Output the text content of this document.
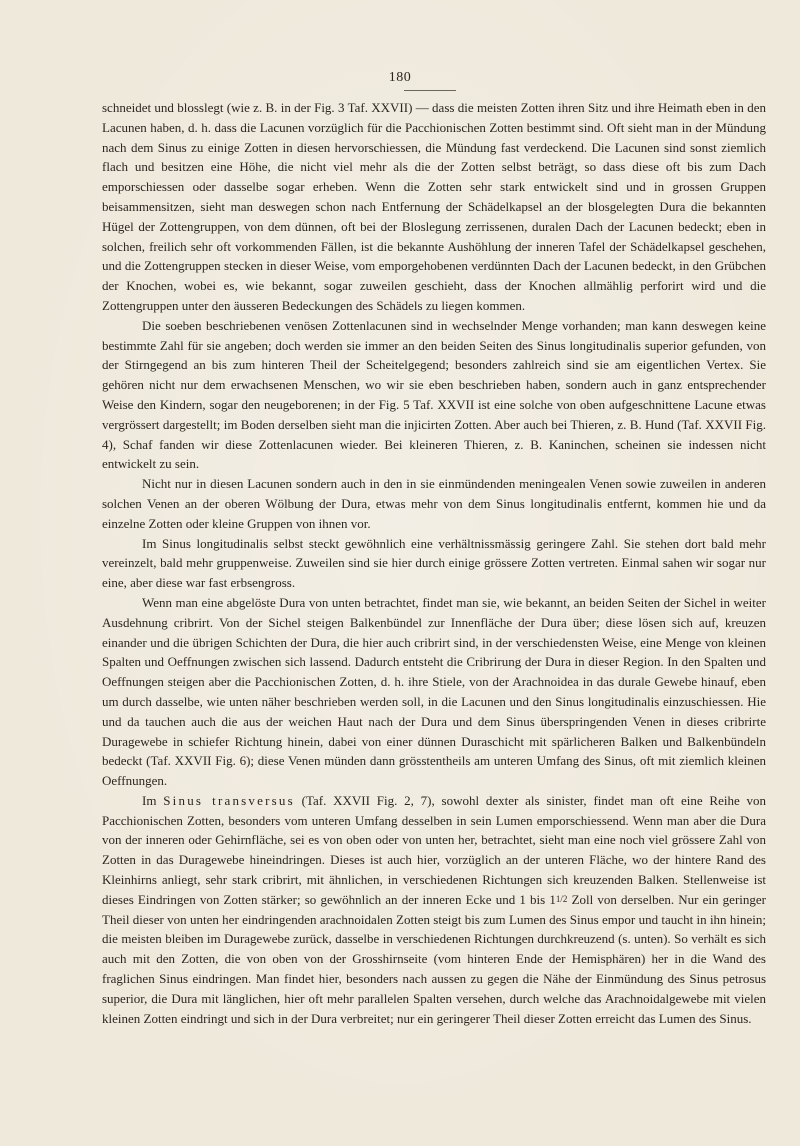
180

schneidet und blosslegt (wie z. B. in der Fig. 3 Taf. XXVII) — dass die meisten Zotten ihren Sitz und ihre Heimath eben in den Lacunen haben, d. h. dass die Lacunen vorzüglich für die Pacchionischen Zotten bestimmt sind. Oft sieht man in der Mündung nach dem Sinus zu einige Zotten in diesen hervorschiessen, die Mündung fast verdeckend. Die Lacunen sind sonst ziemlich flach und besitzen eine Höhe, die nicht viel mehr als die der Zotten selbst beträgt, so dass diese oft bis zum Dach emporschiessen oder dasselbe sogar erheben. Wenn die Zotten sehr stark entwickelt sind und in grossen Gruppen beisammensitzen, sieht man deswegen schon nach Entfernung der Schädelkapsel an der blosgelegten Dura die bekannten Hügel der Zottengruppen, von dem dünnen, oft bei der Bloslegung zerrissenen, duralen Dach der Lacunen bedeckt; eben in solchen, freilich sehr oft vorkommenden Fällen, ist die bekannte Aushöhlung der inneren Tafel der Schädelkapsel geschehen, und die Zottengruppen stecken in dieser Weise, vom emporgehobenen verdünnten Dach der Lacunen bedeckt, in den Grübchen der Knochen, wobei es, wie bekannt, sogar zuweilen geschieht, dass der Knochen allmählig perforirt wird und die Zottengruppen unter den äusseren Bedeckungen des Schädels zu liegen kommen.

Die soeben beschriebenen venösen Zottenlacunen sind in wechselnder Menge vorhanden; man kann deswegen keine bestimmte Zahl für sie angeben; doch werden sie immer an den beiden Seiten des Sinus longitudinalis superior gefunden, von der Stirngegend an bis zum hinteren Theil der Scheitelgegend; besonders zahlreich sind sie am eigentlichen Vertex. Sie gehören nicht nur dem erwachsenen Menschen, wo wir sie eben beschrieben haben, sondern auch in ganz entsprechender Weise den Kindern, sogar den neugeborenen; in der Fig. 5 Taf. XXVII ist eine solche von oben aufgeschnittene Lacune etwas vergrössert dargestellt; im Boden derselben sieht man die injicirten Zotten. Aber auch bei Thieren, z. B. Hund (Taf. XXVII Fig. 4), Schaf fanden wir diese Zottenlacunen wieder. Bei kleineren Thieren, z. B. Kaninchen, scheinen sie indessen nicht entwickelt zu sein.

Nicht nur in diesen Lacunen sondern auch in den in sie einmündenden meningealen Venen sowie zuweilen in anderen solchen Venen an der oberen Wölbung der Dura, etwas mehr von dem Sinus longitudinalis entfernt, kommen hie und da einzelne Zotten oder kleine Gruppen von ihnen vor.

Im Sinus longitudinalis selbst steckt gewöhnlich eine verhältnissmässig geringere Zahl. Sie stehen dort bald mehr vereinzelt, bald mehr gruppenweise. Zuweilen sind sie hier durch einige grössere Zotten vertreten. Einmal sahen wir sogar nur eine, aber diese war fast erbsengross.

Wenn man eine abgelöste Dura von unten betrachtet, findet man sie, wie bekannt, an beiden Seiten der Sichel in weiter Ausdehnung cribrirt. Von der Sichel steigen Balkenbündel zur Innenfläche der Dura über; diese lösen sich auf, kreuzen einander und die übrigen Schichten der Dura, die hier auch cribrirt sind, in der verschiedensten Weise, eine Menge von kleinen Spalten und Oeffnungen zwischen sich lassend. Dadurch entsteht die Cribrirung der Dura in dieser Region. In den Spalten und Oeffnungen steigen aber die Pacchionischen Zotten, d. h. ihre Stiele, von der Arachnoidea in das durale Gewebe hinauf, eben um durch dasselbe, wie unten näher beschrieben werden soll, in die Lacunen und den Sinus longitudinalis einzuschiessen. Hie und da tauchen auch die aus der weichen Haut nach der Dura und dem Sinus überspringenden Venen in dieses cribrirte Duragewebe in schiefer Richtung hinein, dabei von einer dünnen Duraschicht mit spärlicheren Balken und Balkenbündeln bedeckt (Taf. XXVII Fig. 6); diese Venen münden dann grösstentheils am unteren Umfang des Sinus, oft mit ziemlich kleinen Oeffnungen.

Im Sinus transversus (Taf. XXVII Fig. 2, 7), sowohl dexter als sinister, findet man oft eine Reihe von Pacchionischen Zotten, besonders vom unteren Umfang desselben in sein Lumen emporschiessend. Wenn man aber die Dura von der inneren oder Gehirnfläche, sei es von oben oder von unten her, betrachtet, sieht man eine noch viel grössere Zahl von Zotten in das Duragewebe hineindringen. Dieses ist auch hier, vorzüglich an der unteren Fläche, wo der hintere Rand des Kleinhirns anliegt, sehr stark cribrirt, mit ähnlichen, in verschiedenen Richtungen sich kreuzenden Balken. Stellenweise ist dieses Eindringen von Zotten stärker; so gewöhnlich an der inneren Ecke und 1 bis 11/2 Zoll von derselben. Nur ein geringer Theil dieser von unten her eindringenden arachnoidalen Zotten steigt bis zum Lumen des Sinus empor und taucht in ihn hinein; die meisten bleiben im Duragewebe zurück, dasselbe in verschiedenen Richtungen durchkreuzend (s. unten). So verhält es sich auch mit den Zotten, die von oben von der Grosshirnseite (vom hinteren Ende der Hemisphären) her in die Wand des fraglichen Sinus eindringen. Man findet hier, besonders nach aussen zu gegen die Nähe der Einmündung des Sinus petrosus superior, die Dura mit länglichen, hier oft mehr parallelen Spalten versehen, durch welche das Arachnoidalgewebe mit vielen kleinen Zotten eindringt und sich in der Dura verbreitet; nur ein geringerer Theil dieser Zotten erreicht das Lumen des Sinus.
